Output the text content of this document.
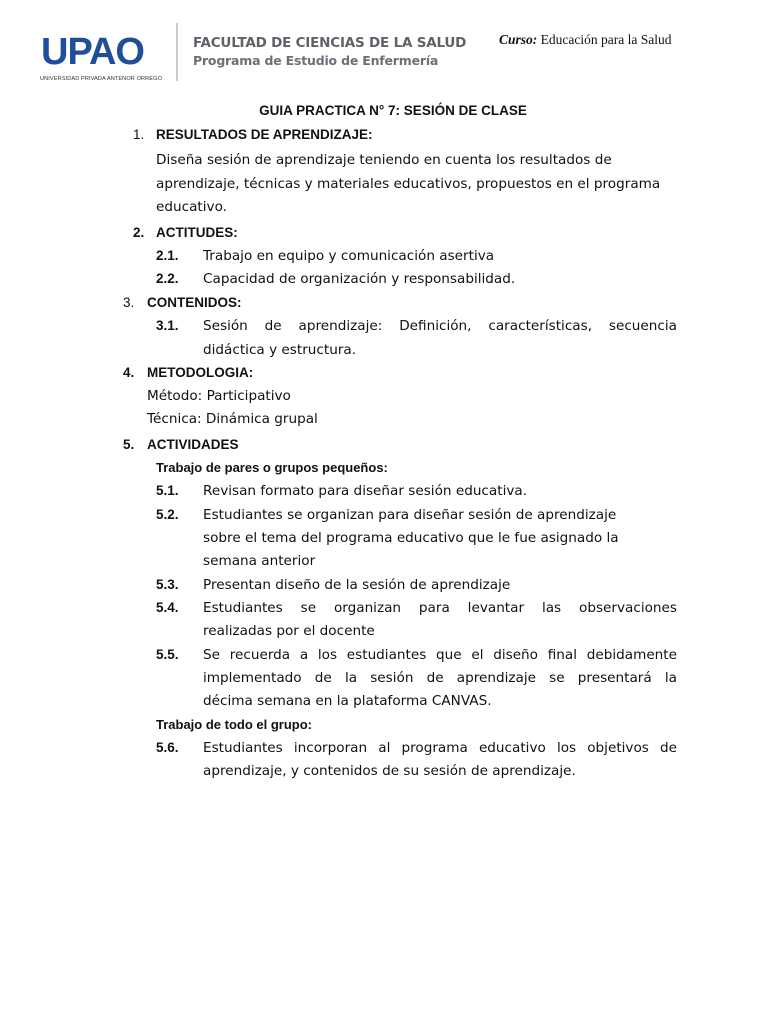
UPAO
UNIVERSIDAD PRIVADA ANTENOR ORREGO
FACULTAD DE CIENCIAS DE LA SALUD
Programa de Estudio de Enfermería
Curso: Educación para la Salud
GUIA PRACTICA N° 7: SESIÓN DE CLASE
1. RESULTADOS DE APRENDIZAJE:
Diseña sesión de aprendizaje teniendo en cuenta los resultados de
aprendizaje, técnicas y materiales educativos, propuestos en el programa
educativo.
2. ACTITUDES:
2.1. Trabajo en equipo y comunicación asertiva
2.2. Capacidad de organización y responsabilidad.
3. CONTENIDOS:
3.1. Sesión de aprendizaje: Definición, características, secuencia
didáctica y estructura.
4. METODOLOGIA:
Método: Participativo
Técnica: Dinámica grupal
5. ACTIVIDADES
Trabajo de pares o grupos pequeños:
5.1. Revisan formato para diseñar sesión educativa.
5.2. Estudiantes se organizan para diseñar sesión de aprendizaje
sobre el tema del programa educativo que le fue asignado la
semana anterior
5.3. Presentan diseño de la sesión de aprendizaje
5.4. Estudiantes se organizan para levantar las observaciones
realizadas por el docente
5.5. Se recuerda a los estudiantes que el diseño final debidamente
implementado de la sesión de aprendizaje se presentará la
décima semana en la plataforma CANVAS.
Trabajo de todo el grupo:
5.6. Estudiantes incorporan al programa educativo los objetivos de
aprendizaje, y contenidos de su sesión de aprendizaje.
